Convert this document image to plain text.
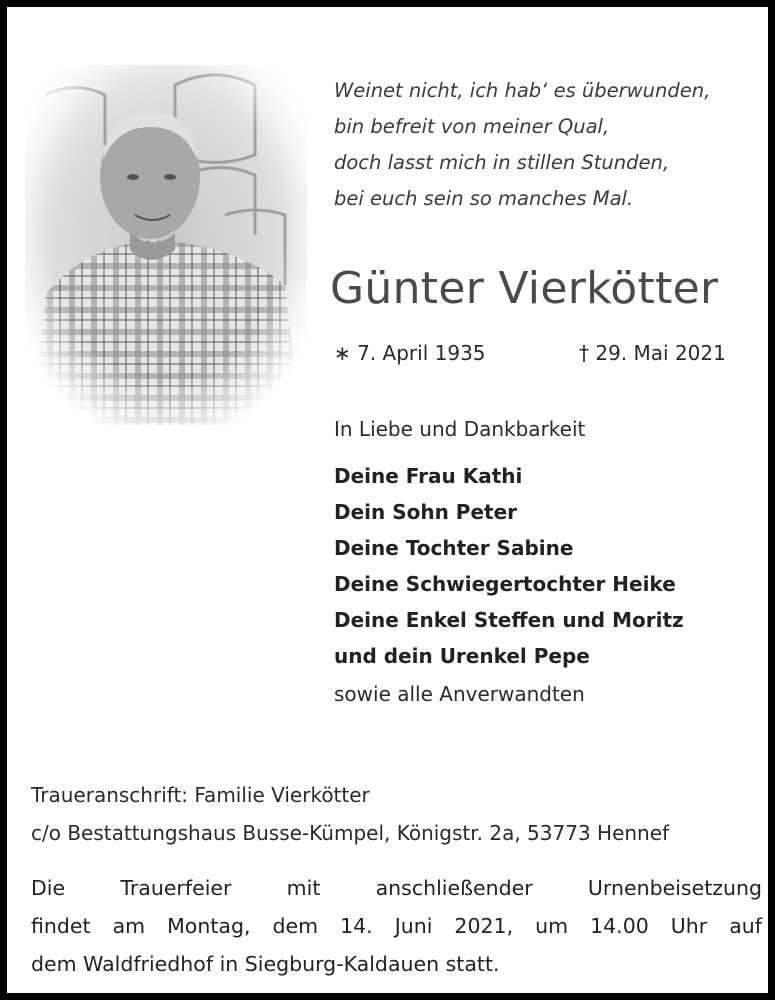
Weinet nicht, ich hab‘ es überwunden,
bin befreit von meiner Qual,
doch lasst mich in stillen Stunden,
bei euch sein so manches Mal.
Günter Vierkötter
∗ 7. April 1935	† 29. Mai 2021
In Liebe und Dankbarkeit
Deine Frau Kathi
Dein Sohn Peter
Deine Tochter Sabine
Deine Schwiegertochter Heike
Deine Enkel Steffen und Moritz
und dein Urenkel Pepe
sowie alle Anverwandten
Traueranschrift: Familie Vierkötter
c/o Bestattungshaus Busse-Kümpel, Königstr. 2a, 53773 Hennef
Die Trauerfeier mit anschließender Urnenbeisetzung
findet am Montag, dem 14. Juni 2021, um 14.00 Uhr auf
dem Waldfriedhof in Siegburg-Kaldauen statt.
